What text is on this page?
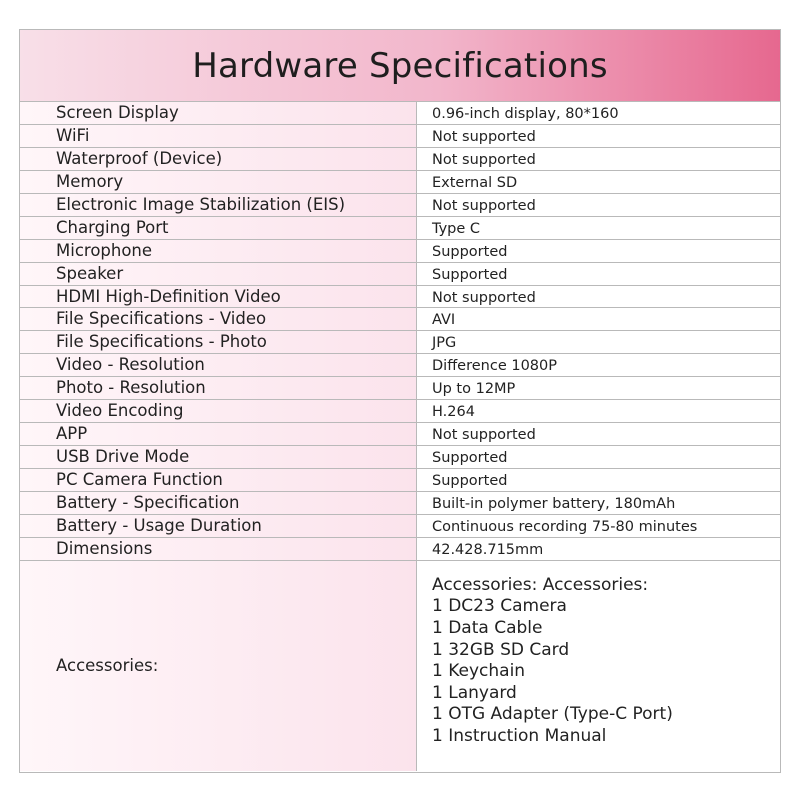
Hardware Specifications
Screen Display	0.96-inch display, 80*160
WiFi	Not supported
Waterproof (Device)	Not supported
Memory	External SD
Electronic Image Stabilization (EIS)	Not supported
Charging Port	Type C
Microphone	Supported
Speaker	Supported
HDMI High-Definition Video	Not supported
File Specifications - Video	AVI
File Specifications - Photo	JPG
Video - Resolution	Difference 1080P
Photo - Resolution	Up to 12MP
Video Encoding	H.264
APP	Not supported
USB Drive Mode	Supported
PC Camera Function	Supported
Battery - Specification	Built-in polymer battery, 180mAh
Battery - Usage Duration	Continuous recording 75-80 minutes
Dimensions	42.428.715mm
Accessories:
Accessories: Accessories:
1 DC23 Camera
1 Data Cable
1 32GB SD Card
1 Keychain
1 Lanyard
1 OTG Adapter (Type-C Port)
1 Instruction Manual
